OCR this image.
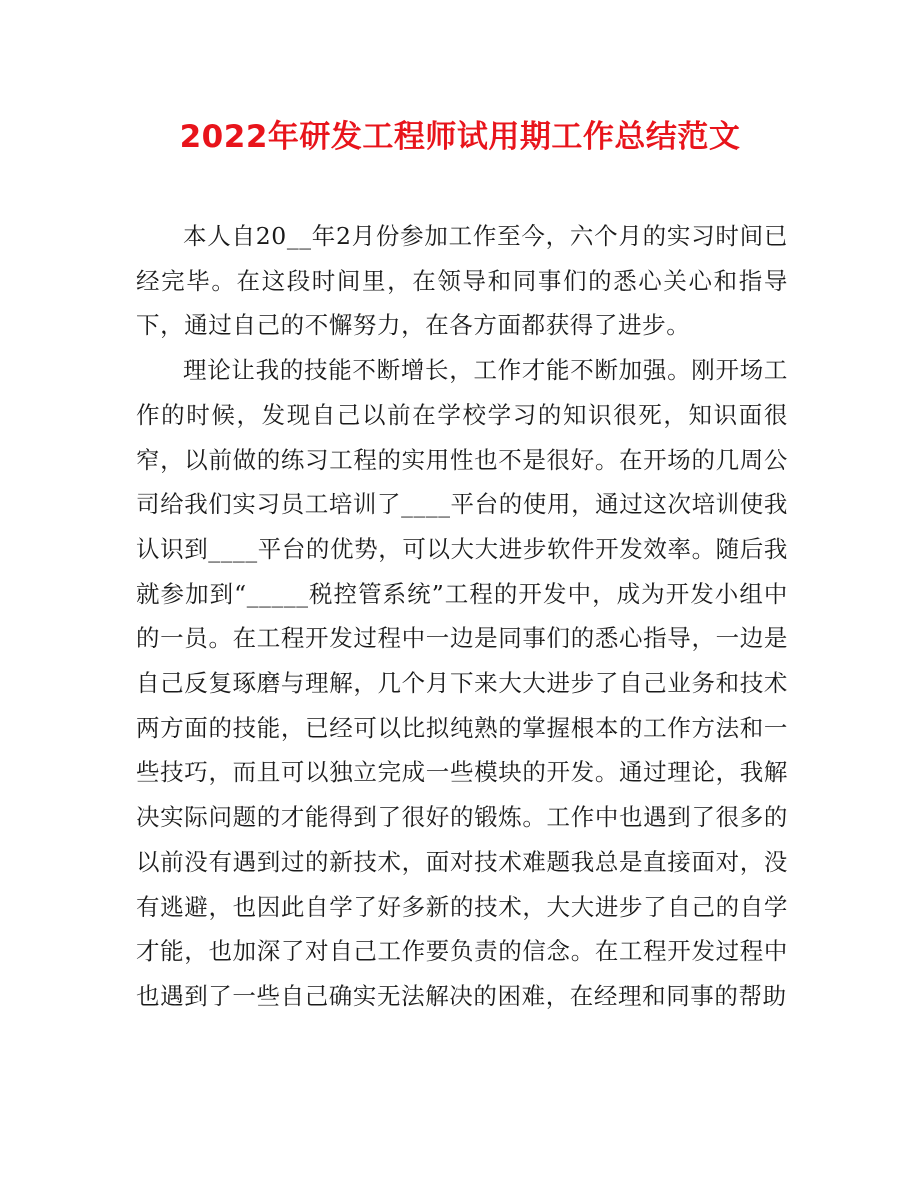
2022年研发工程师试用期工作总结范文

本人自20__年2月份参加工作至今，六个月的实习时间已经完毕。在这段时间里，在领导和同事们的悉心关心和指导下，通过自己的不懈努力，在各方面都获得了进步。

理论让我的技能不断增长，工作才能不断加强。刚开场工作的时候，发现自己以前在学校学习的知识很死，知识面很窄，以前做的练习工程的实用性也不是很好。在开场的几周公司给我们实习员工培训了____平台的使用，通过这次培训使我认识到____平台的优势，可以大大进步软件开发效率。随后我就参加到“_____税控管系统”工程的开发中，成为开发小组中的一员。在工程开发过程中一边是同事们的悉心指导，一边是自己反复琢磨与理解，几个月下来大大进步了自己业务和技术两方面的技能，已经可以比拟纯熟的掌握根本的工作方法和一些技巧，而且可以独立完成一些模块的开发。通过理论，我解决实际问题的才能得到了很好的锻炼。工作中也遇到了很多的以前没有遇到过的新技术，面对技术难题我总是直接面对，没有逃避，也因此自学了好多新的技术，大大进步了自己的自学才能，也加深了对自己工作要负责的信念。在工程开发过程中也遇到了一些自己确实无法解决的困难，在经理和同事的帮助
